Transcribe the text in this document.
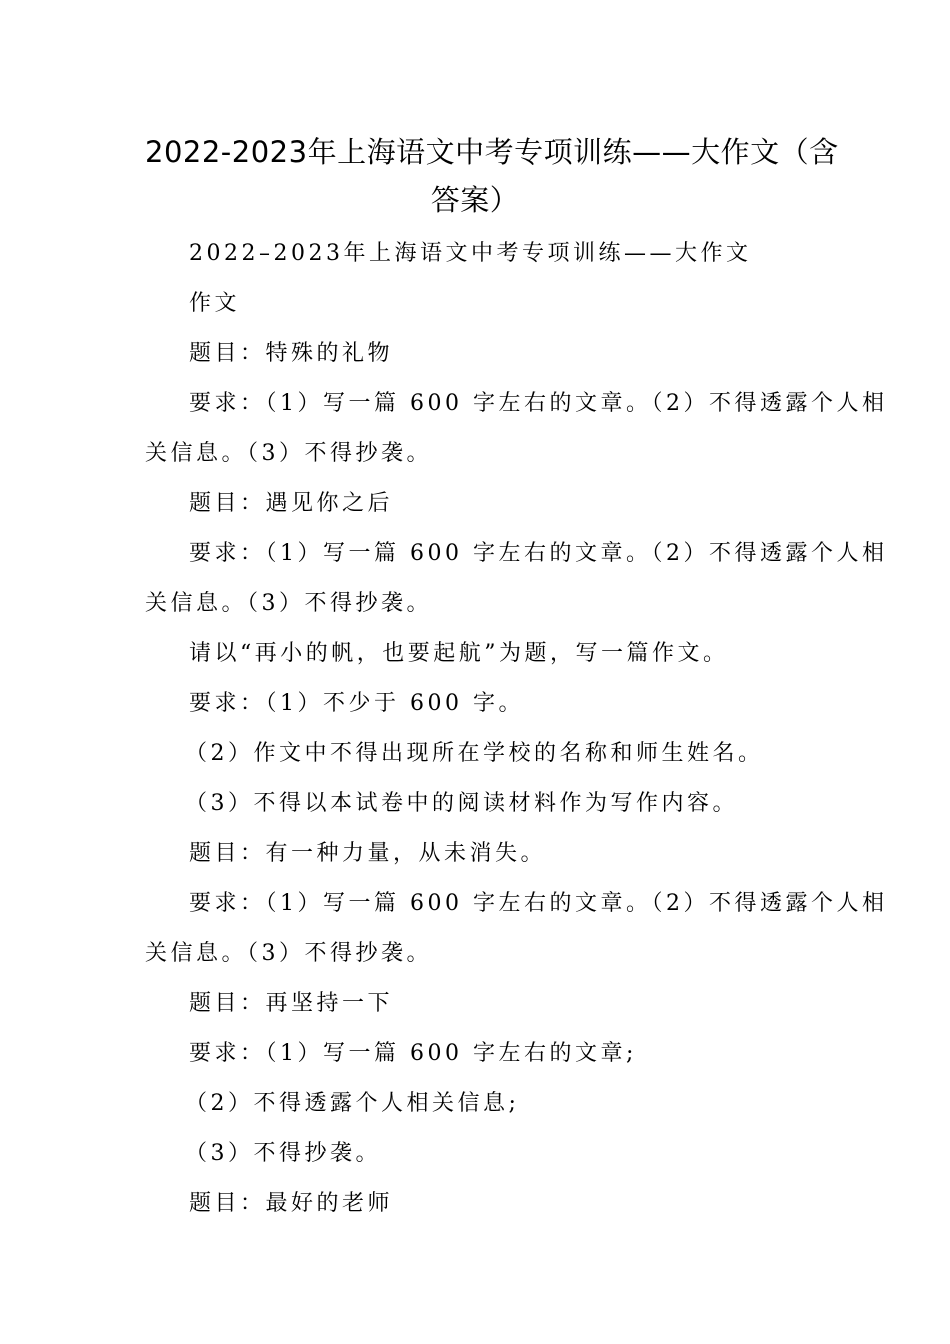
2022-2023年上海语文中考专项训练——大作文（含
答案）

2022–2023年上海语文中考专项训练——大作文

作文

题目：特殊的礼物

要求：（1）写一篇 600 字左右的文章。（2）不得透露个人相

关信息。（3）不得抄袭。

题目：遇见你之后

要求：（1）写一篇 600 字左右的文章。（2）不得透露个人相

关信息。（3）不得抄袭。

请以“再小的帆，也要起航”为题，写一篇作文。

要求：（1）不少于 600 字。

（2）作文中不得出现所在学校的名称和师生姓名。

（3）不得以本试卷中的阅读材料作为写作内容。

题目：有一种力量，从未消失。

要求：（1）写一篇 600 字左右的文章。（2）不得透露个人相

关信息。（3）不得抄袭。

题目：再坚持一下

要求：（1）写一篇 600 字左右的文章;

（2）不得透露个人相关信息;

（3）不得抄袭。

题目：最好的老师
